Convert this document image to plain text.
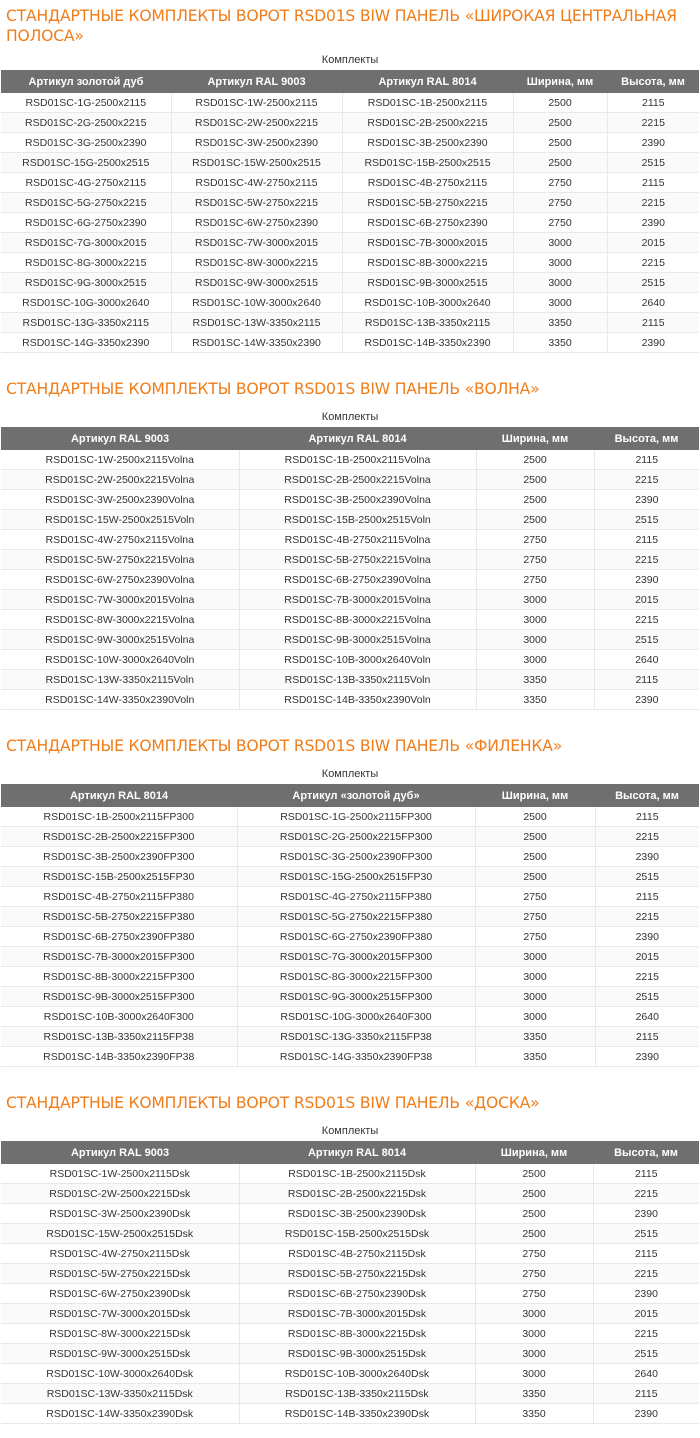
СТАНДАРТНЫЕ КОМПЛЕКТЫ ВОРОТ RSD01S BIW ПАНЕЛЬ «ШИРОКАЯ ЦЕНТРАЛЬНАЯ ПОЛОСА»
Комплекты				
Артикул золотой дуб	Артикул RAL 9003	Артикул RAL 8014	Ширина, мм	Высота, мм
RSD01SC-1G-2500x2115	RSD01SC-1W-2500x2115	RSD01SC-1B-2500x2115	2500	2115
RSD01SC-2G-2500x2215	RSD01SC-2W-2500x2215	RSD01SC-2B-2500x2215	2500	2215
RSD01SC-3G-2500x2390	RSD01SC-3W-2500x2390	RSD01SC-3B-2500x2390	2500	2390
RSD01SC-15G-2500x2515	RSD01SC-15W-2500x2515	RSD01SC-15B-2500x2515	2500	2515
RSD01SC-4G-2750x2115	RSD01SC-4W-2750x2115	RSD01SC-4B-2750x2115	2750	2115
RSD01SC-5G-2750x2215	RSD01SC-5W-2750x2215	RSD01SC-5B-2750x2215	2750	2215
RSD01SC-6G-2750x2390	RSD01SC-6W-2750x2390	RSD01SC-6B-2750x2390	2750	2390
RSD01SC-7G-3000x2015	RSD01SC-7W-3000x2015	RSD01SC-7B-3000x2015	3000	2015
RSD01SC-8G-3000x2215	RSD01SC-8W-3000x2215	RSD01SC-8B-3000x2215	3000	2215
RSD01SC-9G-3000x2515	RSD01SC-9W-3000x2515	RSD01SC-9B-3000x2515	3000	2515
RSD01SC-10G-3000x2640	RSD01SC-10W-3000x2640	RSD01SC-10B-3000x2640	3000	2640
RSD01SC-13G-3350x2115	RSD01SC-13W-3350x2115	RSD01SC-13B-3350x2115	3350	2115
RSD01SC-14G-3350x2390	RSD01SC-14W-3350x2390	RSD01SC-14B-3350x2390	3350	2390
СТАНДАРТНЫЕ КОМПЛЕКТЫ ВОРОТ RSD01S BIW ПАНЕЛЬ «ВОЛНА»
Комплекты			
Артикул RAL 9003	Артикул RAL 8014	Ширина, мм	Высота, мм
RSD01SC-1W-2500x2115Volna	RSD01SC-1B-2500x2115Volna	2500	2115
RSD01SC-2W-2500x2215Volna	RSD01SC-2B-2500x2215Volna	2500	2215
RSD01SC-3W-2500x2390Volna	RSD01SC-3B-2500x2390Volna	2500	2390
RSD01SC-15W-2500x2515Voln	RSD01SC-15B-2500x2515Voln	2500	2515
RSD01SC-4W-2750x2115Volna	RSD01SC-4B-2750x2115Volna	2750	2115
RSD01SC-5W-2750x2215Volna	RSD01SC-5B-2750x2215Volna	2750	2215
RSD01SC-6W-2750x2390Volna	RSD01SC-6B-2750x2390Volna	2750	2390
RSD01SC-7W-3000x2015Volna	RSD01SC-7B-3000x2015Volna	3000	2015
RSD01SC-8W-3000x2215Volna	RSD01SC-8B-3000x2215Volna	3000	2215
RSD01SC-9W-3000x2515Volna	RSD01SC-9B-3000x2515Volna	3000	2515
RSD01SC-10W-3000x2640Voln	RSD01SC-10B-3000x2640Voln	3000	2640
RSD01SC-13W-3350x2115Voln	RSD01SC-13B-3350x2115Voln	3350	2115
RSD01SC-14W-3350x2390Voln	RSD01SC-14B-3350x2390Voln	3350	2390
СТАНДАРТНЫЕ КОМПЛЕКТЫ ВОРОТ RSD01S BIW ПАНЕЛЬ «ФИЛЕНКА»
Комплекты			
Артикул RAL 8014	Артикул «золотой дуб»	Ширина, мм	Высота, мм
RSD01SC-1B-2500x2115FP300	RSD01SC-1G-2500x2115FP300	2500	2115
RSD01SC-2B-2500x2215FP300	RSD01SC-2G-2500x2215FP300	2500	2215
RSD01SC-3B-2500x2390FP300	RSD01SC-3G-2500x2390FP300	2500	2390
RSD01SC-15B-2500x2515FP30	RSD01SC-15G-2500x2515FP30	2500	2515
RSD01SC-4B-2750x2115FP380	RSD01SC-4G-2750x2115FP380	2750	2115
RSD01SC-5B-2750x2215FP380	RSD01SC-5G-2750x2215FP380	2750	2215
RSD01SC-6B-2750x2390FP380	RSD01SC-6G-2750x2390FP380	2750	2390
RSD01SC-7B-3000x2015FP300	RSD01SC-7G-3000x2015FP300	3000	2015
RSD01SC-8B-3000x2215FP300	RSD01SC-8G-3000x2215FP300	3000	2215
RSD01SC-9B-3000x2515FP300	RSD01SC-9G-3000x2515FP300	3000	2515
RSD01SC-10B-3000x2640F300	RSD01SC-10G-3000x2640F300	3000	2640
RSD01SC-13B-3350x2115FP38	RSD01SC-13G-3350x2115FP38	3350	2115
RSD01SC-14B-3350x2390FP38	RSD01SC-14G-3350x2390FP38	3350	2390
СТАНДАРТНЫЕ КОМПЛЕКТЫ ВОРОТ RSD01S BIW ПАНЕЛЬ «ДОСКА»
Комплекты			
Артикул RAL 9003	Артикул RAL 8014	Ширина, мм	Высота, мм
RSD01SC-1W-2500x2115Dsk	RSD01SC-1B-2500x2115Dsk	2500	2115
RSD01SC-2W-2500x2215Dsk	RSD01SC-2B-2500x2215Dsk	2500	2215
RSD01SC-3W-2500x2390Dsk	RSD01SC-3B-2500x2390Dsk	2500	2390
RSD01SC-15W-2500x2515Dsk	RSD01SC-15B-2500x2515Dsk	2500	2515
RSD01SC-4W-2750x2115Dsk	RSD01SC-4B-2750x2115Dsk	2750	2115
RSD01SC-5W-2750x2215Dsk	RSD01SC-5B-2750x2215Dsk	2750	2215
RSD01SC-6W-2750x2390Dsk	RSD01SC-6B-2750x2390Dsk	2750	2390
RSD01SC-7W-3000x2015Dsk	RSD01SC-7B-3000x2015Dsk	3000	2015
RSD01SC-8W-3000x2215Dsk	RSD01SC-8B-3000x2215Dsk	3000	2215
RSD01SC-9W-3000x2515Dsk	RSD01SC-9B-3000x2515Dsk	3000	2515
RSD01SC-10W-3000x2640Dsk	RSD01SC-10B-3000x2640Dsk	3000	2640
RSD01SC-13W-3350x2115Dsk	RSD01SC-13B-3350x2115Dsk	3350	2115
RSD01SC-14W-3350x2390Dsk	RSD01SC-14B-3350x2390Dsk	3350	2390
